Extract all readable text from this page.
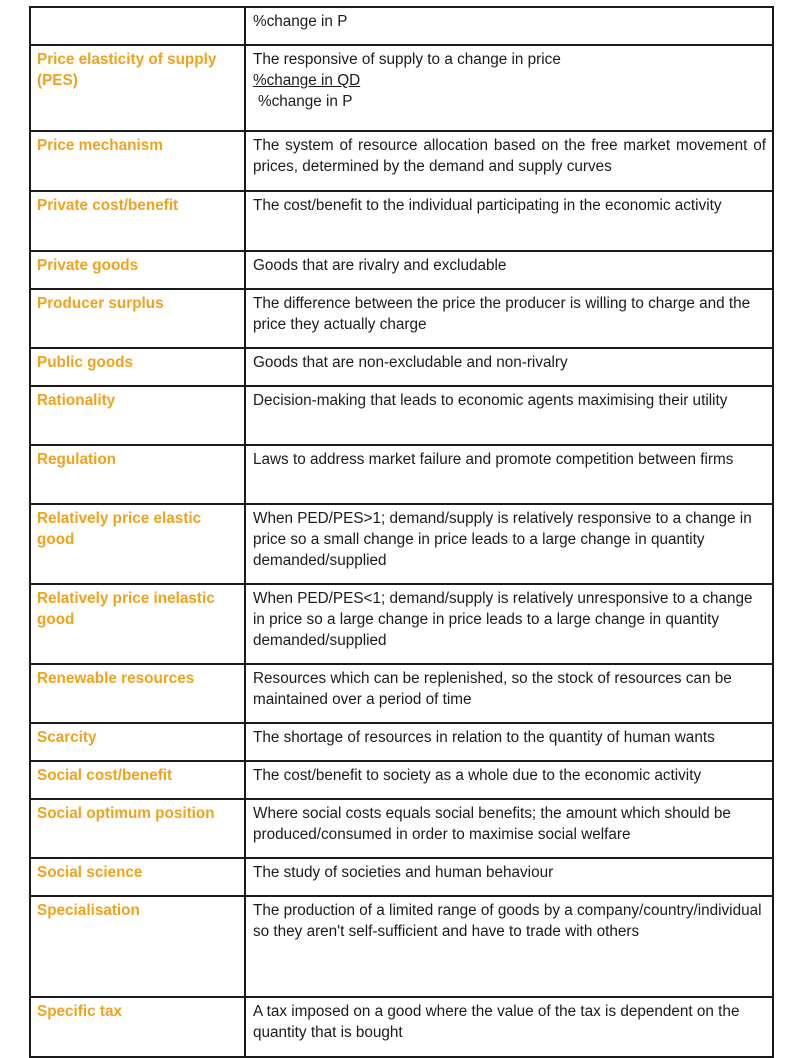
	%change in P
Price elasticity of supply (PES)	The responsive of supply to a change in price
%change in QD
%change in P

Price mechanism	The system of resource allocation based on the free market movement of prices, determined by the demand and supply curves
Private cost/benefit	The cost/benefit to the individual participating in the economic activity
Private goods	Goods that are rivalry and excludable
Producer surplus	The difference between the price the producer is willing to charge and the price they actually charge
Public goods	Goods that are non-excludable and non-rivalry
Rationality	Decision-making that leads to economic agents maximising their utility
Regulation	Laws to address market failure and promote competition between firms
Relatively price elastic good	When PED/PES>1; demand/supply is relatively responsive to a change in price so a small change in price leads to a large change in quantity demanded/supplied
Relatively price inelastic good	When PED/PES<1; demand/supply is relatively unresponsive to a change in price so a large change in price leads to a large change in quantity demanded/supplied
Renewable resources	Resources which can be replenished, so the stock of resources can be maintained over a period of time
Scarcity	The shortage of resources in relation to the quantity of human wants
Social cost/benefit	The cost/benefit to society as a whole due to the economic activity
Social optimum position	Where social costs equals social benefits; the amount which should be produced/consumed in order to maximise social welfare
Social science	The study of societies and human behaviour
Specialisation	The production of a limited range of goods by a company/country/individual so they aren't self-sufficient and have to trade with others
Specific tax	A tax imposed on a good where the value of the tax is dependent on the quantity that is bought
